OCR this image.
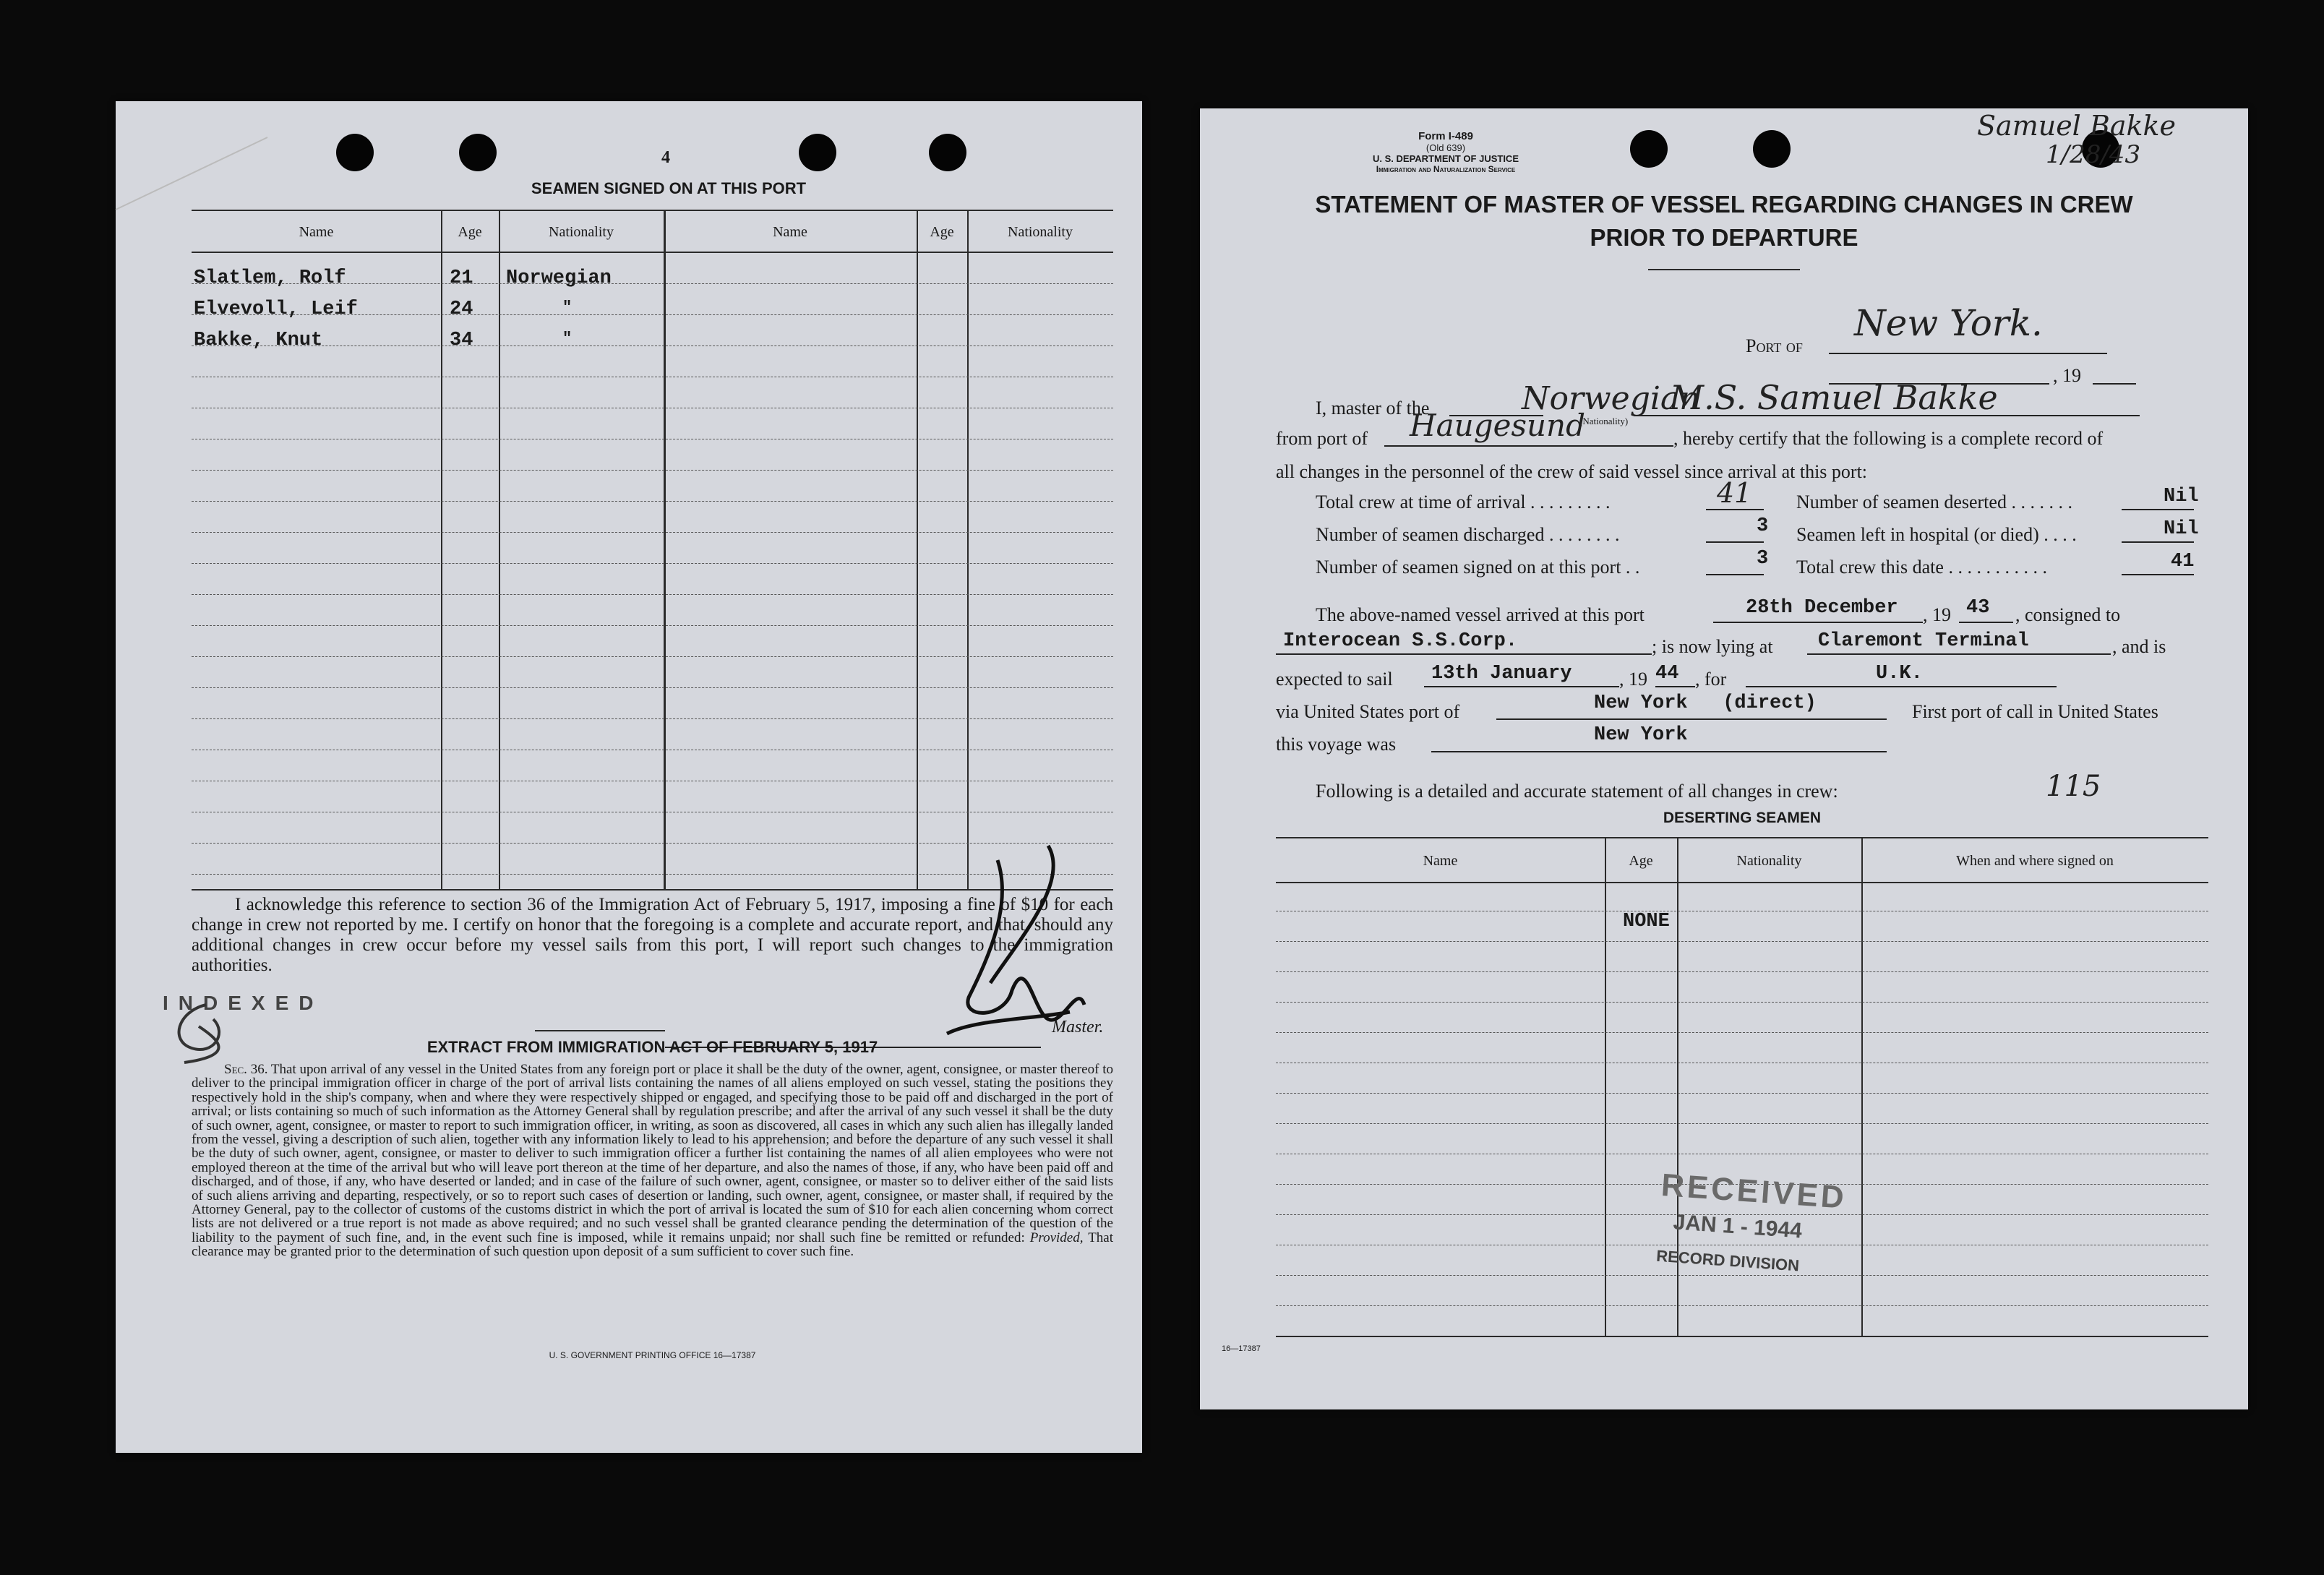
4
SEAMEN SIGNED ON AT THIS PORT
Name	Age	Nationality	Name	Age	Nationality
Slatlem, Rolf	21 Norwegian
Elvevoll, Leif	24	"
Bakke, Knut	34	"
I acknowledge this reference to section 36 of the Immigration Act of February 5, 1917, imposing a fine of $10 for each change in crew not reported by me. I certify on honor that the foregoing is a complete and accurate report, and that, should any additional changes in crew occur before my vessel sails from this port, I will report such changes to the immigration authorities.
INDEXED
Master.
EXTRACT FROM IMMIGRATION ACT OF FEBRUARY 5, 1917
Sec. 36. That upon arrival of any vessel in the United States from any foreign port or place it shall be the duty of the owner, agent, consignee, or master thereof to deliver to the principal immigration officer in charge of the port of arrival lists containing the names of all aliens employed on such vessel, stating the positions they respectively hold in the ship's company, when and where they were respectively shipped or engaged, and specifying those to be paid off and discharged in the port of arrival; or lists containing so much of such information as the Attorney General shall by regulation prescribe; and after the arrival of any such vessel it shall be the duty of such owner, agent, consignee, or master to report to such immigration officer, in writing, as soon as discovered, all cases in which any such alien has illegally landed from the vessel, giving a description of such alien, together with any information likely to lead to his apprehension; and before the departure of any such vessel it shall be the duty of such owner, agent, consignee, or master to deliver to such immigration officer a further list containing the names of all alien employees who were not employed thereon at the time of the arrival but who will leave port thereon at the time of her departure, and also the names of those, if any, who have been paid off and discharged, and of those, if any, who have deserted or landed; and in case of the failure of such owner, agent, consignee, or master so to deliver either of the said lists of such aliens arriving and departing, respectively, or so to report such cases of desertion or landing, such owner, agent, consignee, or master shall, if required by the Attorney General, pay to the collector of customs of the customs district in which the port of arrival is located the sum of $10 for each alien concerning whom correct lists are not delivered or a true report is not made as above required; and no such vessel shall be granted clearance pending the determination of the question of the liability to the payment of such fine, and, in the event such fine is imposed, while it remains unpaid; nor shall such fine be remitted or refunded: Provided, That clearance may be granted prior to the determination of such question upon deposit of a sum sufficient to cover such fine.
U. S. GOVERNMENT PRINTING OFFICE 16—17387
Form I-489
(Old 639)
U. S. DEPARTMENT OF JUSTICE
Immigration and Naturalization Service
Samuel Bakke
1/28/43
STATEMENT OF MASTER OF VESSEL REGARDING CHANGES IN CREW
PRIOR TO DEPARTURE
Port of
New York.
, 19
I, master of the	Norwegian
(Nationality)
M.S. Samuel Bakke
from port of Haugesund	, hereby certify that the following is a complete record of
all changes in the personnel of the crew of said vessel since arrival at this port:
Total crew at time of arrival . . . . . . . . .	41
Number of seamen discharged . . . . . . . .	3
Number of seamen signed on at this port . .	3
Number of seamen deserted . . . . . . .	Nil
Seamen left in hospital (or died) . . . .	Nil
Total crew this date . . . . . . . . . . .	41
The above-named vessel arrived at this port	28th December , 19 43 , consigned to
Interocean S.S.Corp.	; is now lying at Claremont Terminal	, and is
expected to sail 13th January	, 19 44 , for	U.K.
via United States port of	New York   (direct)	First port of call in United States
this voyage was	New York
Following is a detailed and accurate statement of all changes in crew:	115
DESERTING SEAMEN
Name	Age	Nationality	When and where signed on
NONE
RECEIVED
JAN 1 - 1944
RECORD DIVISION
16—17387
